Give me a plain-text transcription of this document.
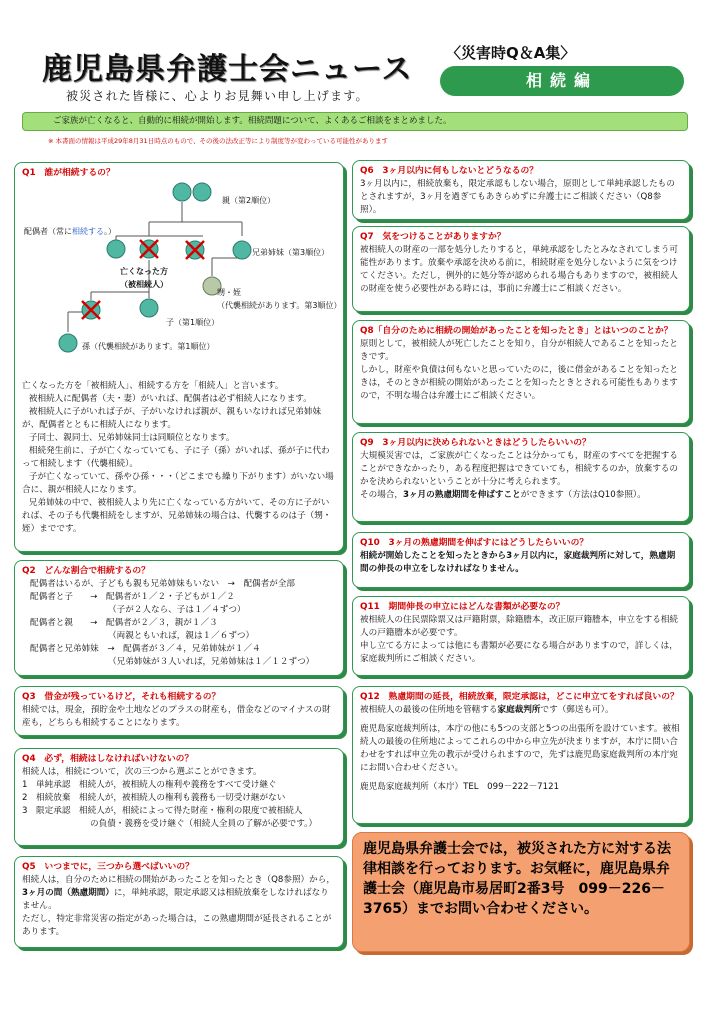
鹿児島県弁護士会ニュース
被災された皆様に、心よりお見舞い申し上げます。
〈災害時Q＆A集〉
相続編
ご家族が亡くなると、自動的に相続が開始します。相続問題について、よくあるご相談をまとめました。
※ 本書面の情報は平成29年8月31日時点のもので、その後の法改正等により制度等が変わっている可能性があります
Q1　誰が相続するの？
親（第2順位）
配偶者（常に相続する。）
兄弟姉妹（第3順位）
亡くなった方
（被相続人）
甥・姪
（代襲相続があります。第3順位）
子（第1順位）
孫（代襲相続があります。第1順位）

亡くなった方を「被相続人」、相続する方を「相続人」と言います。

被相続人に配偶者（夫・妻）がいれば、配偶者は必ず相続人になります。

被相続人に子がいれば子が、子がいなければ親が、親もいなければ兄弟姉妹が、配偶者とともに相続人になります。

子同士、親同士、兄弟姉妹同士は同順位となります。

相続発生前に、子が亡くなっていても、子に子（孫）がいれば、孫が子に代わって相続します（代襲相続）。

子が亡くなっていて、孫やひ孫・・・（どこまでも繰り下がります）がいない場合に、親が相続人になります。

兄弟姉妹の中で、被相続人より先に亡くなっている方がいて、その方に子がいれば、その子も代襲相続をしますが、兄弟姉妹の場合は、代襲するのは子（甥・姪）までです。

Q2　どんな割合で相続するの？
配偶者はいるが、子どもも親も兄弟姉妹もいない　→　配偶者が全部
配偶者と子　　→　配偶者が１／２・子どもが１／２
（子が２人なら、子は１／４ずつ）
配偶者と親　　→　配偶者が２／３，親が１／３
（両親ともいれば，親は１／６ずつ）
配偶者と兄弟姉妹　→　配偶者が３／４，兄弟姉妹が１／４
（兄弟姉妹が３人いれば，兄弟姉妹は１／１２ずつ）
Q3　借金が残っているけど，それも相続するの？

相続では，現金，預貯金や土地などのプラスの財産も，借金などのマイナスの財産も，どちらも相続することになります。

Q4　必ず，相続はしなければいけないの？

相続人は，相続について，次の三つから選ぶことができます。

1　単純承認　相続人が，被相続人の権利や義務をすべて受け継ぐ
2　相続放棄　相続人が，被相続人の権利も義務も一切受け継がない
3　限定承認　相続人が，相続によって得た財産・権利の限度で被相続人
の負債・義務を受け継ぐ（相続人全員の了解が必要です。）
Q5　いつまでに，三つから選べばいいの？

相続人は，自分のために相続の開始があったことを知ったとき（Q8参照）から，3ヶ月の間（熟慮期間）に，単純承認，限定承認又は相続放棄をしなければなりません。

ただし，特定非常災害の指定があった場合は，この熟慮期間が延長されることがあります。

Q6　3ヶ月以内に何もしないとどうなるの？

3ヶ月以内に，相続放棄も，限定承認もしない場合，原則として単純承認したものとされますが，3ヶ月を過ぎてもあきらめずに弁護士にご相談ください（Q8参照）。

Q7　気をつけることがありますか？

被相続人の財産の一部を処分したりすると，単純承認をしたとみなされてしまう可能性があります。放棄や承認を決める前に，相続財産を処分しないように気をつけてください。ただし，例外的に処分等が認められる場合もありますので，被相続人の財産を使う必要性がある時には，事前に弁護士にご相談ください。

Q8「自分のために相続の開始があったことを知ったとき」とはいつのことか？

原則として，被相続人が死亡したことを知り，自分が相続人であることを知ったときです。

しかし，財産や負債は何もないと思っていたのに，後に借金があることを知ったときは，そのときが相続の開始があったことを知ったときとされる可能性もありますので，不明な場合は弁護士にご相談ください。

Q9　3ヶ月以内に決められないときはどうしたらいいの？

大規模災害では，ご家族が亡くなったことは分かっても，財産のすべてを把握することができなかったり，ある程度把握はできていても，相続するのか，放棄するのかを決められないということが十分に考えられます。

その場合，3ヶ月の熟慮期間を伸ばすことができます（方法はQ10参照）。

Q10　3ヶ月の熟慮期間を伸ばすにはどうしたらいいの？

相続が開始したことを知ったときから3ヶ月以内に，家庭裁判所に対して，熟慮期間の伸長の申立をしなければなりません。

Q11　期間伸長の申立にはどんな書類が必要なの？

被相続人の住民票除票又は戸籍附票，除籍謄本，改正原戸籍謄本，申立をする相続人の戸籍謄本が必要です。

申し立てる方によっては他にも書類が必要になる場合がありますので，詳しくは，家庭裁判所にご相談ください。

Q12　熟慮期間の延長，相続放棄，限定承認は，どこに申立てをすれば良いの？

被相続人の最後の住所地を管轄する家庭裁判所です（郵送も可）。

鹿児島家庭裁判所は，本庁の他にも5つの支部と5つの出張所を設けています。被相続人の最後の住所地によってこれらの中から申立先が決まりますが，本庁に問い合わせをすれば申立先の教示が受けられますので，先ずは鹿児島家庭裁判所の本庁宛にお問い合わせください。

鹿児島家庭裁判所（本庁）TEL　099－222－7121

鹿児島県弁護士会では，被災された方に対する法律相談を行っております。お気軽に，鹿児島県弁護士会（鹿児島市易居町2番3号　099－226－3765）までお問い合わせください。
